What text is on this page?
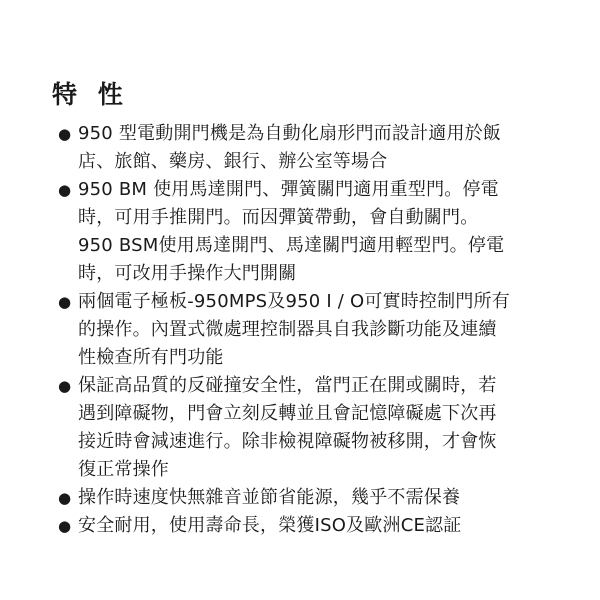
特 性
● 950 型電動開門機是為自動化扇形門而設計適用於飯
店、旅館、藥房、銀行、辦公室等場合
● 950 BM 使用馬達開門、彈簧關門適用重型門。停電
時，可用手推開門。而因彈簧帶動，會自動關門。
950 BSM使用馬達開門、馬達關門適用輕型門。停電
時，可改用手操作大門開關
● 兩個電子極板-950MPS及950 I / O可實時控制門所有
的操作。內置式微處理控制器具自我診斷功能及連續
性檢查所有門功能
● 保証高品質的反碰撞安全性，當門正在開或關時，若
遇到障礙物，門會立刻反轉並且會記憶障礙處下次再
接近時會減速進行。除非檢視障礙物被移開，才會恢
復正常操作
● 操作時速度快無雜音並節省能源，幾乎不需保養
● 安全耐用，使用壽命長，榮獲ISO及歐洲CE認証
